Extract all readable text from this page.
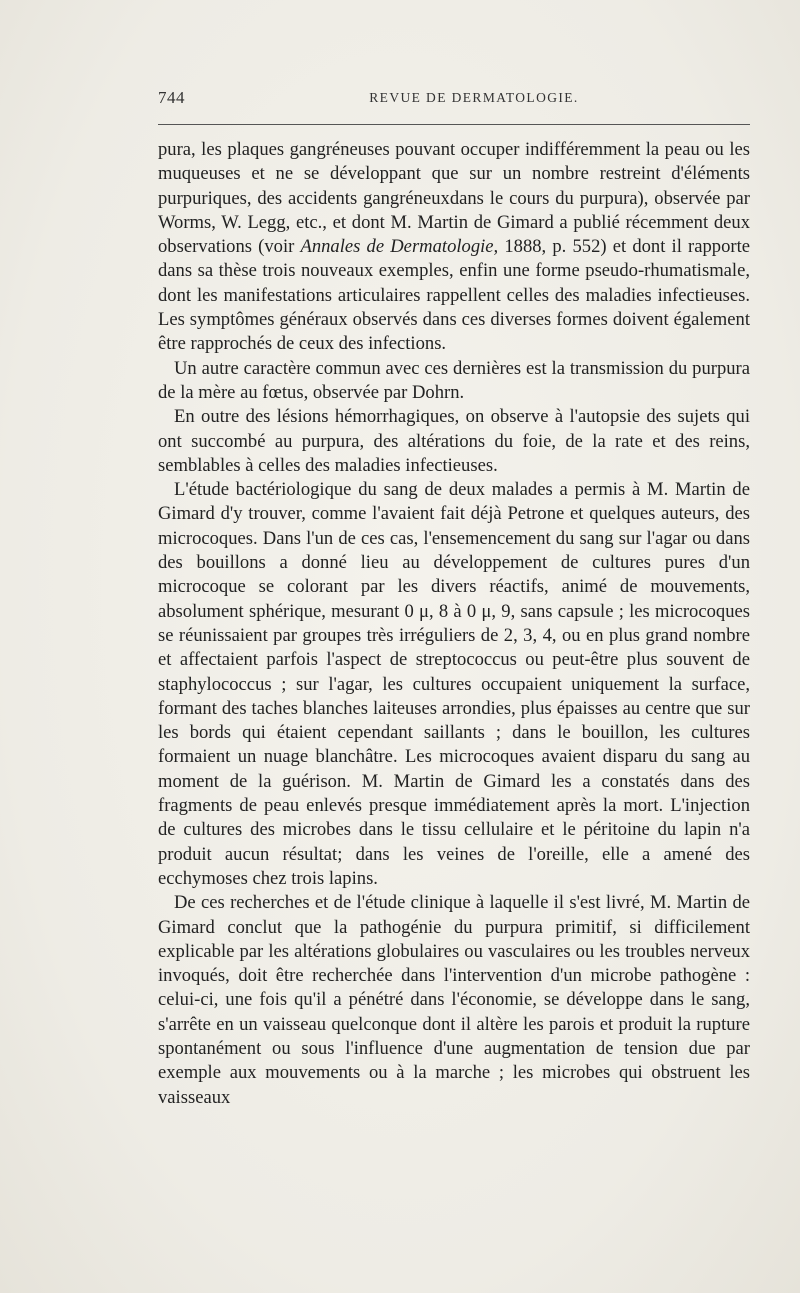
744	REVUE DE DERMATOLOGIE.

pura, les plaques gangréneuses pouvant occuper indifféremment la peau ou les muqueuses et ne se développant que sur un nombre restreint d'éléments purpuriques, des accidents gangréneuxdans le cours du purpura), observée par Worms, W. Legg, etc., et dont M. Martin de Gimard a publié récemment deux observations (voir Annales de Dermatologie, 1888, p. 552) et dont il rapporte dans sa thèse trois nouveaux exemples, enfin une forme pseudo-rhumatismale, dont les manifestations articulaires rappellent celles des maladies infectieuses. Les symptômes généraux observés dans ces diverses formes doivent également être rapprochés de ceux des infections.

Un autre caractère commun avec ces dernières est la transmission du purpura de la mère au fœtus, observée par Dohrn.

En outre des lésions hémorrhagiques, on observe à l'autopsie des sujets qui ont succombé au purpura, des altérations du foie, de la rate et des reins, semblables à celles des maladies infectieuses.

L'étude bactériologique du sang de deux malades a permis à M. Martin de Gimard d'y trouver, comme l'avaient fait déjà Petrone et quelques auteurs, des microcoques. Dans l'un de ces cas, l'ensemencement du sang sur l'agar ou dans des bouillons a donné lieu au développement de cultures pures d'un microcoque se colorant par les divers réactifs, animé de mouvements, absolument sphérique, mesurant 0 μ, 8 à 0 μ, 9, sans capsule ; les microcoques se réunissaient par groupes très irréguliers de 2, 3, 4, ou en plus grand nombre et affectaient parfois l'aspect de streptococcus ou peut-être plus souvent de staphylococcus ; sur l'agar, les cultures occupaient uniquement la surface, formant des taches blanches laiteuses arrondies, plus épaisses au centre que sur les bords qui étaient cependant saillants ; dans le bouillon, les cultures formaient un nuage blanchâtre. Les microcoques avaient disparu du sang au moment de la guérison. M. Martin de Gimard les a constatés dans des fragments de peau enlevés presque immédiatement après la mort. L'injection de cultures des microbes dans le tissu cellulaire et le péritoine du lapin n'a produit aucun résultat; dans les veines de l'oreille, elle a amené des ecchymoses chez trois lapins.

De ces recherches et de l'étude clinique à laquelle il s'est livré, M. Martin de Gimard conclut que la pathogénie du purpura primitif, si difficilement explicable par les altérations globulaires ou vasculaires ou les troubles nerveux invoqués, doit être recherchée dans l'intervention d'un microbe pathogène : celui-ci, une fois qu'il a pénétré dans l'économie, se développe dans le sang, s'arrête en un vaisseau quelconque dont il altère les parois et produit la rupture spontanément ou sous l'influence d'une augmentation de tension due par exemple aux mouvements ou à la marche ; les microbes qui obstruent les vaisseaux
